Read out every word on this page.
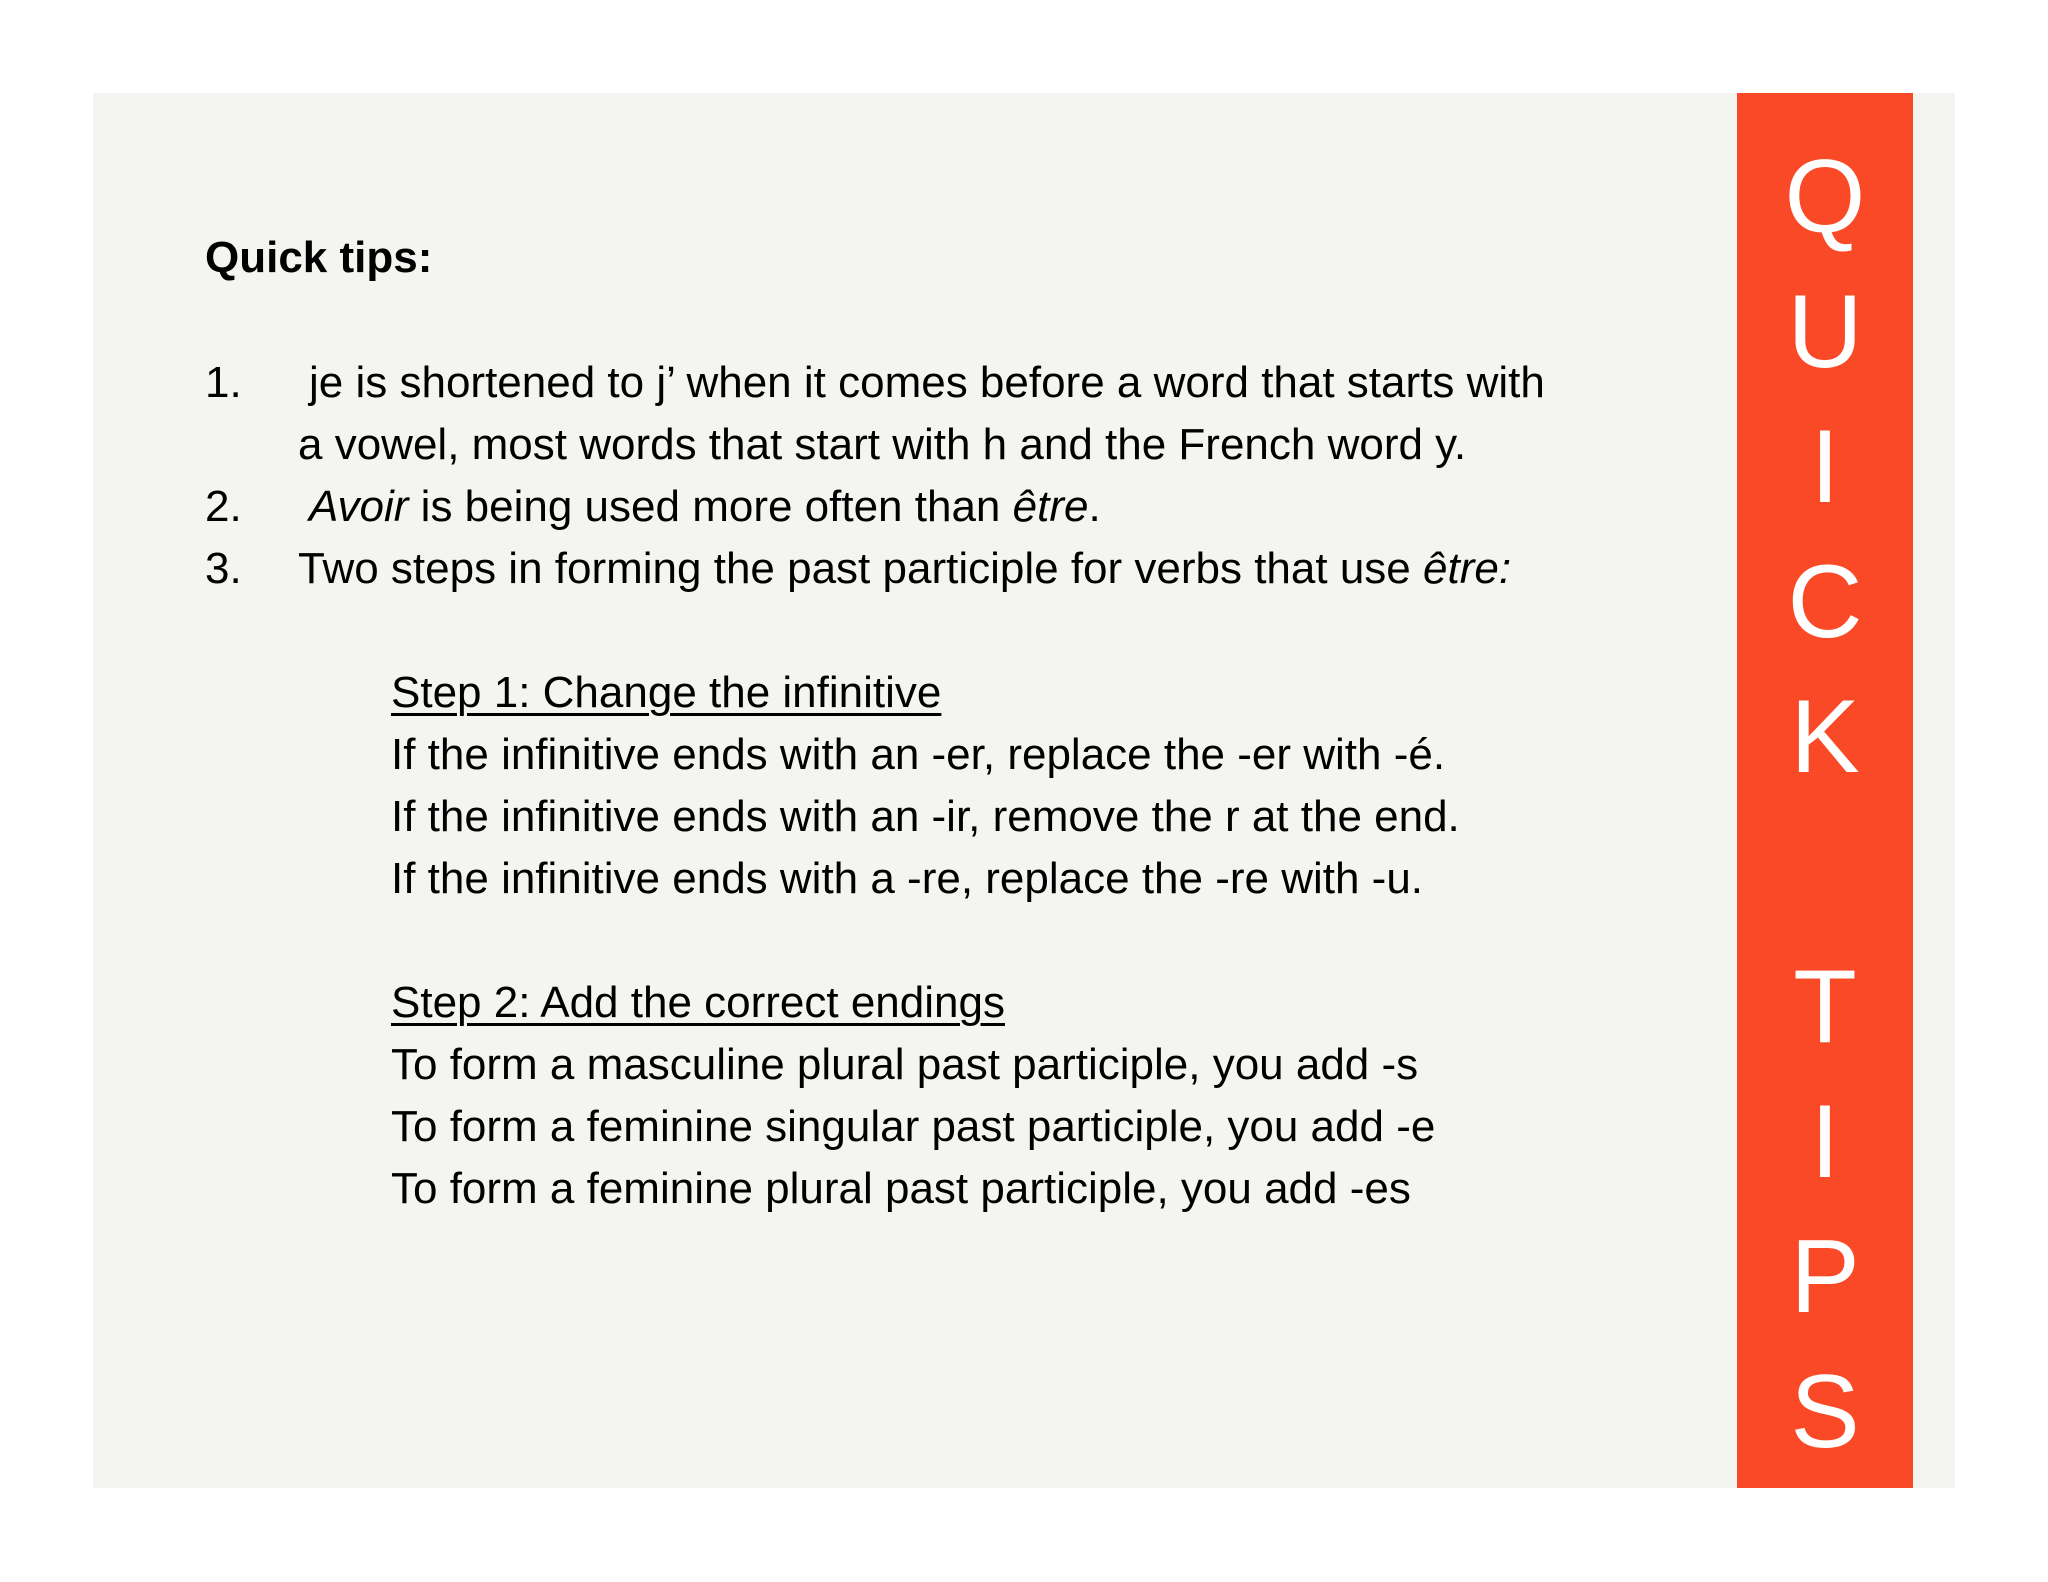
Q
U
I
C
K
T
I
P
S
Quick tips:
1. je is shortened to j’ when it comes before a word that starts with
a vowel, most words that start with h and the French word y.
2. Avoir is being used more often than être.
3. Two steps in forming the past participle for verbs that use être:
Step 1: Change the infinitive
If the infinitive ends with an -er, replace the -er with -é.
If the infinitive ends with an -ir, remove the r at the end.
If the infinitive ends with a -re, replace the -re with -u.
Step 2: Add the correct endings
To form a masculine plural past participle, you add -s
To form a feminine singular past participle, you add -e
To form a feminine plural past participle, you add -es
